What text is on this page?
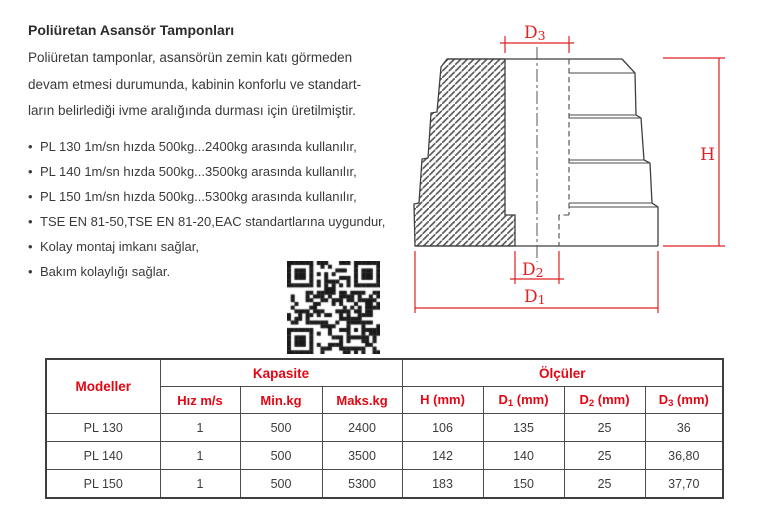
Poliüretan Asansör Tamponları
Poliüretan tamponlar, asansörün zemin katı görmeden
devam etmesi durumunda, kabinin konforlu ve standart-
ların belirlediği ivme aralığında durması için üretilmiştir.
• PL 130 1m/sn hızda 500kg...2400kg arasında kullanılır,
• PL 140 1m/sn hızda 500kg...3500kg arasında kullanılır,
• PL 150 1m/sn hızda 500kg...5300kg arasında kullanılır,
• TSE EN 81-50,TSE EN 81-20,EAC standartlarına uygundur,
• Kolay montaj imkanı sağlar,
• Bakım kolaylığı sağlar.
D3
H
D2
D1
Modeller	Kapasite			Ölçüler			
	Hız m/s	Min.kg	Maks.kg	H (mm)	$D_1$ (mm)	$D_2$ (mm)	$D_3$ (mm)
PL 130	1	500	2400	106	135	25	36
PL 140	1	500	3500	142	140	25	36,80
PL 150	1	500	5300	183	150	25	37,70
